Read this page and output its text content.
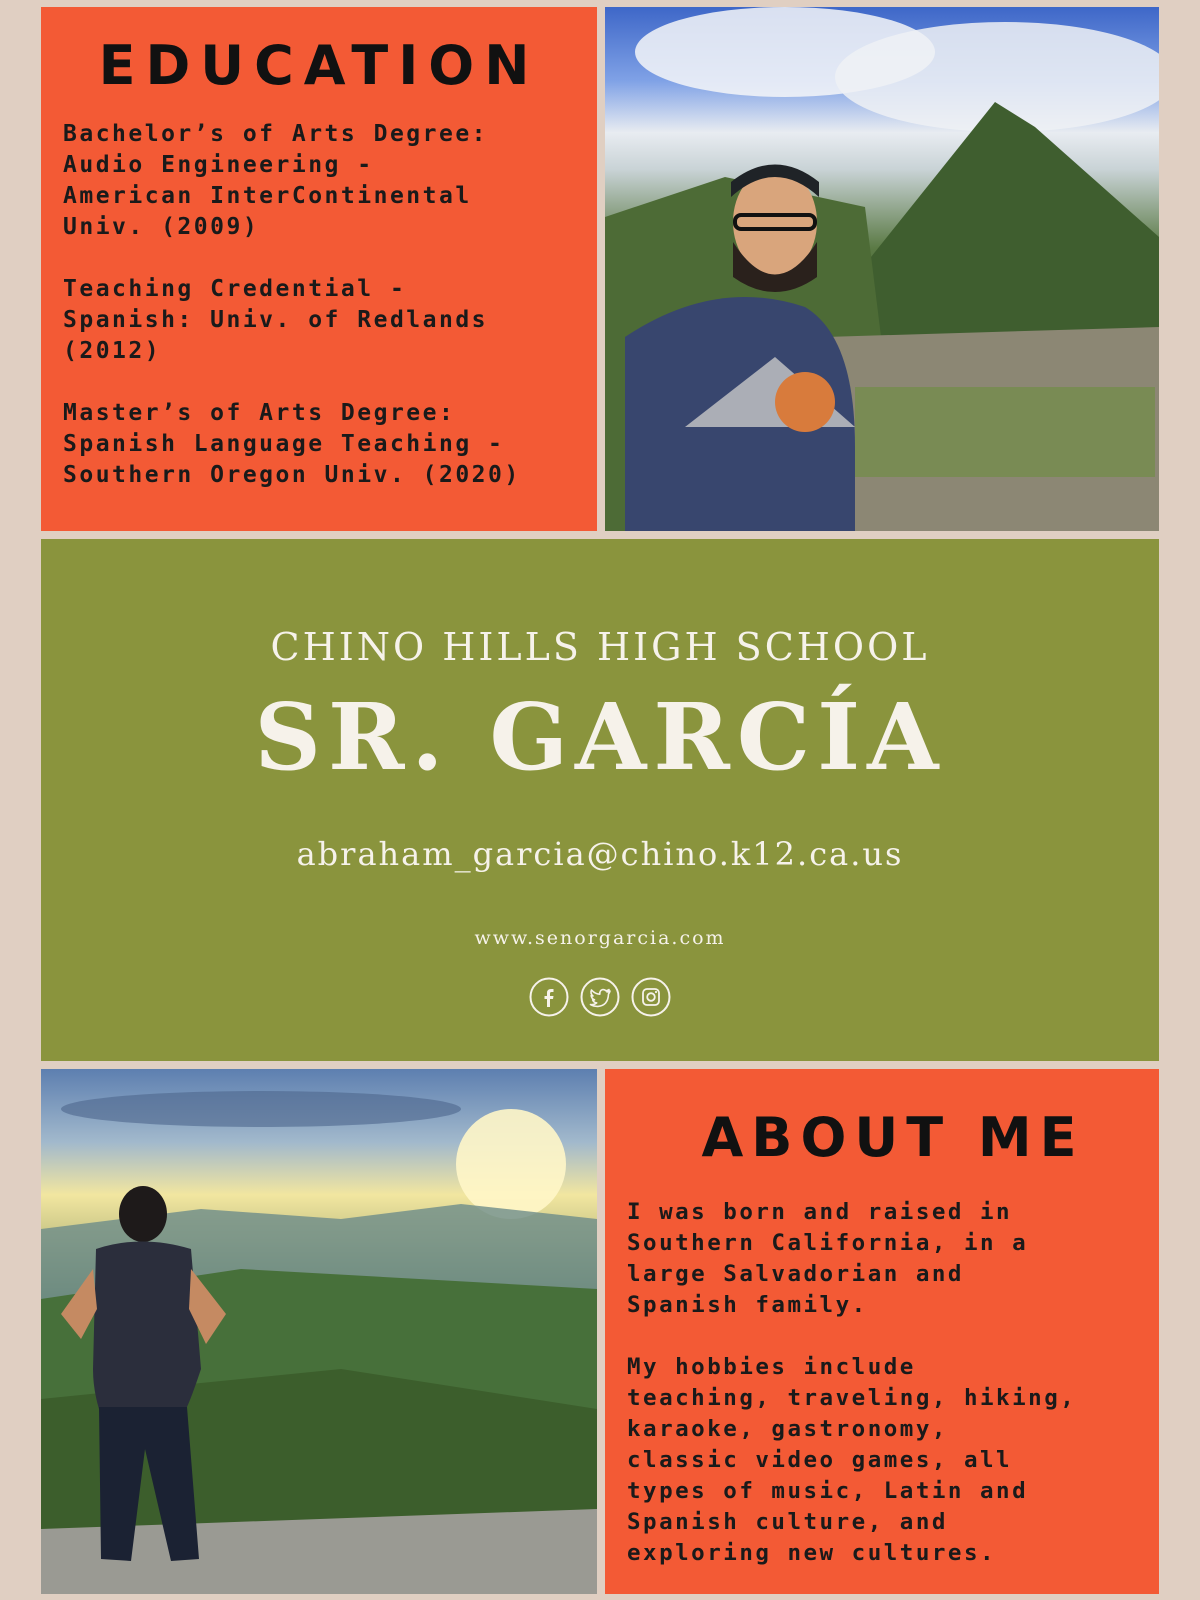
EDUCATION
Bachelor’s of Arts Degree:
Audio Engineering -
American InterContinental
Univ. (2009)
Teaching Credential -
Spanish: Univ. of Redlands
(2012)
Master’s of Arts Degree:
Spanish Language Teaching -
Southern Oregon Univ. (2020)
CHINO HILLS HIGH SCHOOL
SR. GARCÍA
abraham_garcia@chino.k12.ca.us
www.senorgarcia.com
ABOUT ME
I was born and raised in
Southern California, in a
large Salvadorian and
Spanish family.
My hobbies include
teaching, traveling, hiking,
karaoke, gastronomy,
classic video games, all
types of music, Latin and
Spanish culture, and
exploring new cultures.
